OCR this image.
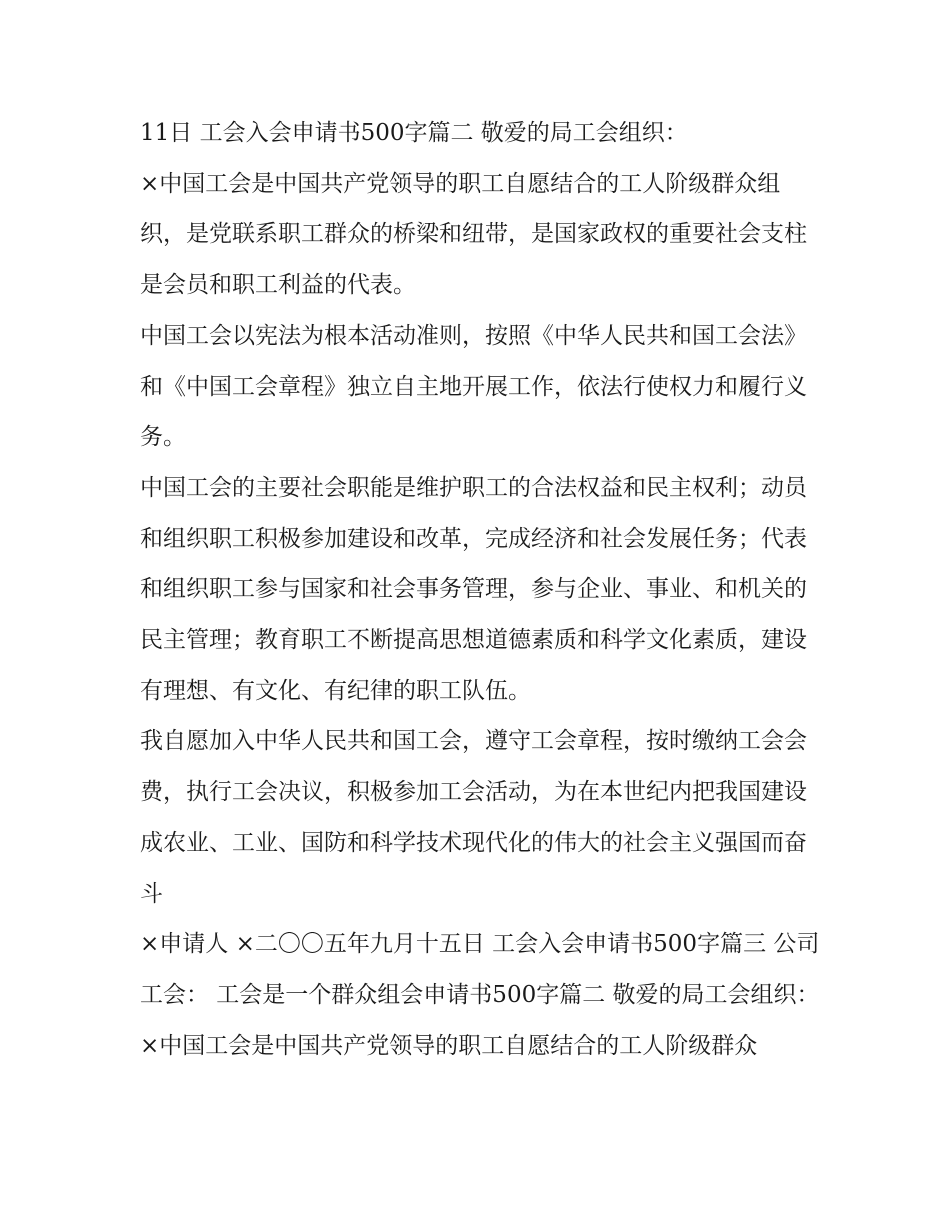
11日 工会入会申请书500字篇二 敬爱的局工会组织：

×中国工会是中国共产党领导的职工自愿结合的工人阶级群众组织，是党联系职工群众的桥梁和纽带，是国家政权的重要社会支柱是会员和职工利益的代表。

中国工会以宪法为根本活动准则，按照《中华人民共和国工会法》和《中国工会章程》独立自主地开展工作，依法行使权力和履行义务。

中国工会的主要社会职能是维护职工的合法权益和民主权利；动员和组织职工积极参加建设和改革，完成经济和社会发展任务；代表和组织职工参与国家和社会事务管理，参与企业、事业、和机关的民主管理；教育职工不断提高思想道德素质和科学文化素质，建设有理想、有文化、有纪律的职工队伍。

我自愿加入中华人民共和国工会，遵守工会章程，按时缴纳工会会费，执行工会决议，积极参加工会活动，为在本世纪内把我国建设成农业、工业、国防和科学技术现代化的伟大的社会主义强国而奋斗

×申请人 ×二〇〇五年九月十五日 工会入会申请书500字篇三 公司工会： 工会是一个群众组会申请书500字篇二 敬爱的局工会组织：

×中国工会是中国共产党领导的职工自愿结合的工人阶级群众
